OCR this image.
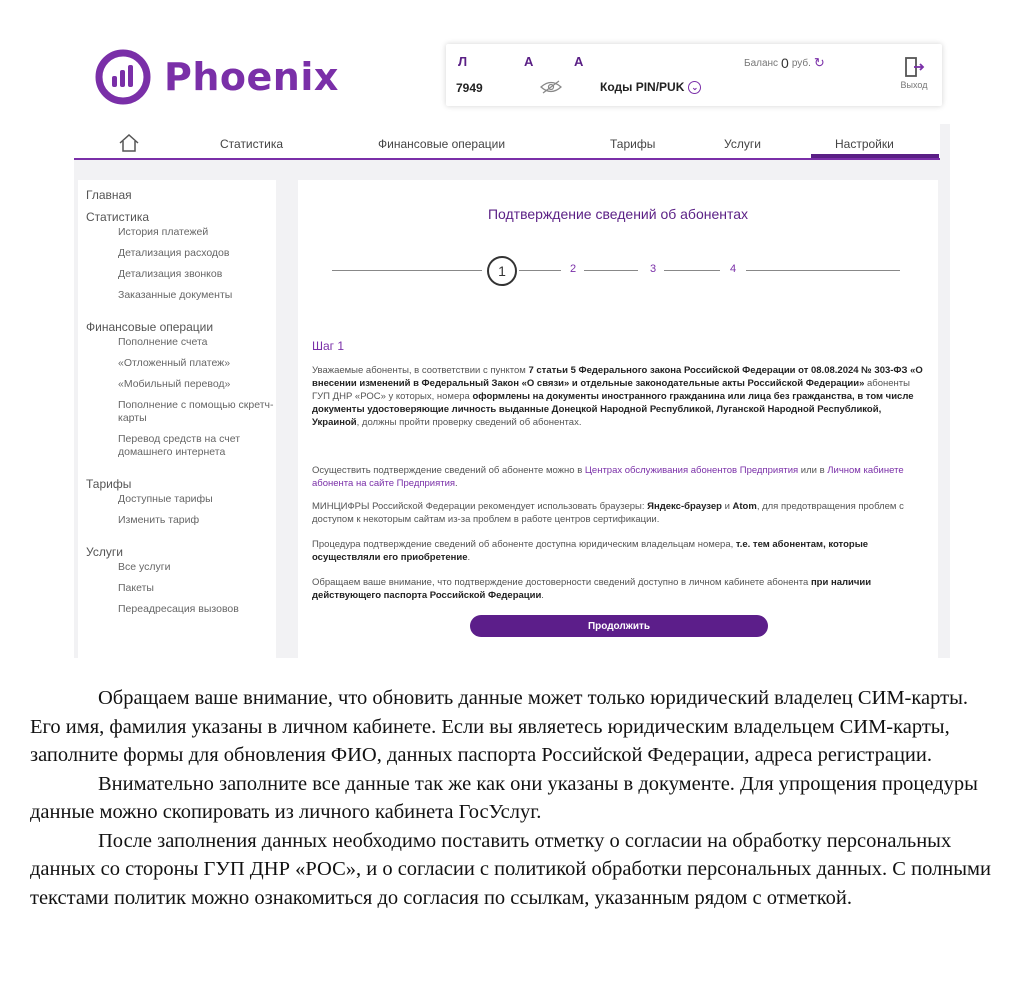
Phoenix	Л	А	А
7949	Коды PIN/PUK ⌄
Баланс 0 руб. ↻
Выход
Статистика	Финансовые операции	Тарифы	Услуги	Настройки
Главная
Статистика
История платежей
Детализация расходов
Детализация звонков
Заказанные документы
Финансовые операции
Пополнение счета
«Отложенный платеж»
«Мобильный перевод»
Пополнение с помощью скретч-карты
Перевод средств на счет домашнего интернета
Тарифы
Доступные тарифы
Изменить тариф
Услуги
Все услуги
Пакеты
Переадресация вызовов
Подтверждение сведений об абонентах
1	2	3	4
Шаг 1

Уважаемые абоненты, в соответствии с пунктом 7 статьи 5 Федерального закона Российской Федерации от 08.08.2024 № 303-ФЗ «О внесении изменений в Федеральный Закон «О связи» и отдельные законодательные акты Российской Федерации» абоненты ГУП ДНР «РОС» у которых, номера оформлены на документы иностранного гражданина или лица без гражданства, в том числе документы удостоверяющие личность выданные Донецкой Народной Республикой, Луганской Народной Республикой, Украиной, должны пройти проверку сведений об абонентах.

Осуществить подтверждение сведений об абоненте можно в Центрах обслуживания абонентов Предприятия или в Личном кабинете абонента на сайте Предприятия.

МИНЦИФРЫ Российской Федерации рекомендует использовать браузеры: Яндекс-браузер и Atom, для предотвращения проблем с доступом к некоторым сайтам из-за проблем в работе центров сертификации.

Процедура подтверждение сведений об абоненте доступна юридическим владельцам номера, т.е. тем абонентам, которые осуществляли его приобретение.

Обращаем ваше внимание, что подтверждение достоверности сведений доступно в личном кабинете абонента при наличии действующего паспорта Российской Федерации.

Продолжить

Обращаем ваше внимание, что обновить данные может только юридический владелец СИМ-карты. Его имя, фамилия указаны в личном кабинете. Если вы являетесь юридическим владельцем СИМ-карты, заполните формы для обновления ФИО, данных паспорта Российской Федерации, адреса регистрации.

Внимательно заполните все данные так же как они указаны в документе. Для упрощения процедуры данные можно скопировать из личного кабинета ГосУслуг.

После заполнения данных необходимо поставить отметку о согласии на обработку персональных данных со стороны ГУП ДНР «РОС», и о согласии с политикой обработки персональных данных. С полными текстами политик можно ознакомиться до согласия по ссылкам, указанным рядом с отметкой.
